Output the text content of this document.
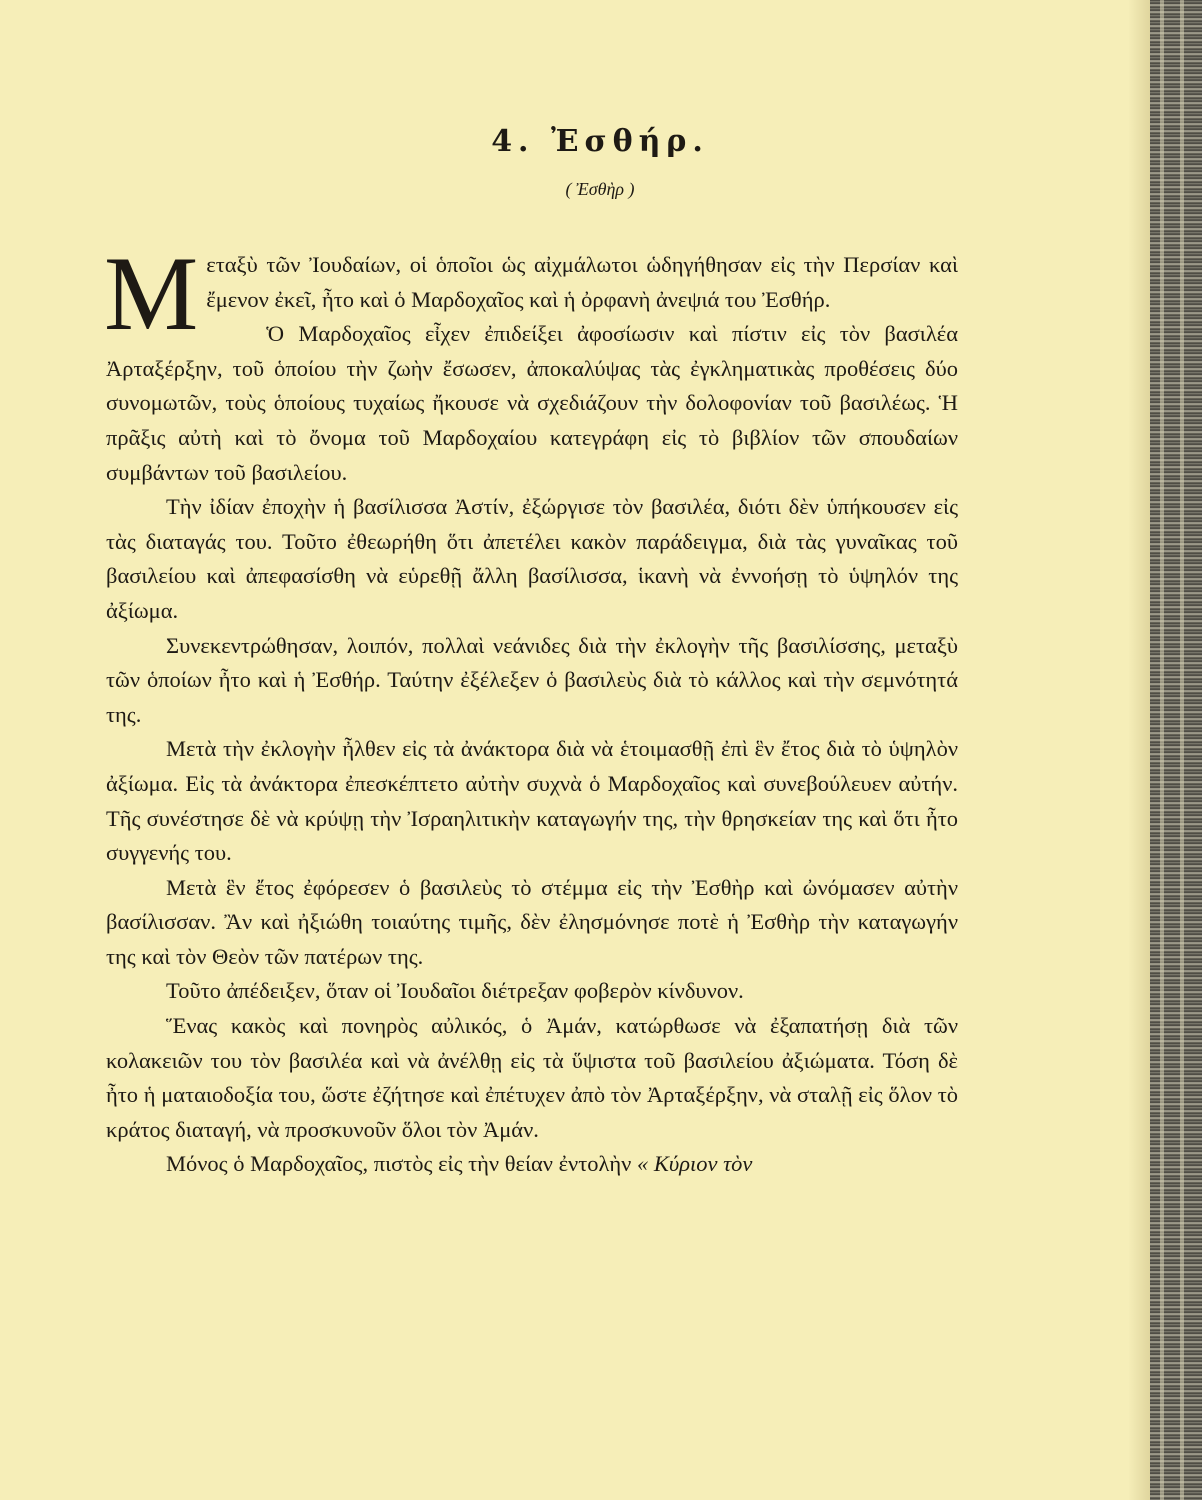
4. Ἐσθήρ.
( Ἐσθὴρ )

Μεταξὺ τῶν Ἰουδαίων, οἱ ὁποῖοι ὡς αἰχμάλωτοι ὡδηγήθησαν εἰς τὴν Περσίαν καὶ ἔμενον ἐκεῖ, ἦτο καὶ ὁ Μαρδοχαῖος καὶ ἡ ὀρφανὴ ἀνεψιά του Ἐσθήρ.

Ὁ Μαρδοχαῖος εἶχεν ἐπιδείξει ἀφοσίωσιν καὶ πίστιν εἰς τὸν βασιλέα Ἀρταξέρξην, τοῦ ὁποίου τὴν ζωὴν ἔσωσεν, ἀποκαλύψας τὰς ἐγκληματικὰς προθέσεις δύο συνομωτῶν, τοὺς ὁποίους τυχαίως ἤκουσε νὰ σχεδιάζουν τὴν δολοφονίαν τοῦ βασιλέως. Ἡ πρᾶξις αὐτὴ καὶ τὸ ὄνομα τοῦ Μαρδοχαίου κατεγράφη εἰς τὸ βιβλίον τῶν σπουδαίων συμβάντων τοῦ βασιλείου.

Τὴν ἰδίαν ἐποχὴν ἡ βασίλισσα Ἀστίν, ἐξώργισε τὸν βασιλέα, διότι δὲν ὑπήκουσεν εἰς τὰς διαταγάς του. Τοῦτο ἐθεωρήθη ὅτι ἀπετέλει κακὸν παράδειγμα, διὰ τὰς γυναῖκας τοῦ βασιλείου καὶ ἀπεφασίσθη νὰ εὑρεθῇ ἄλλη βασίλισσα, ἱκανὴ νὰ ἐννοήσῃ τὸ ὑψηλόν της ἀξίωμα.

Συνεκεντρώθησαν, λοιπόν, πολλαὶ νεάνιδες διὰ τὴν ἐκλογὴν τῆς βασιλίσσης, μεταξὺ τῶν ὁποίων ἦτο καὶ ἡ Ἐσθήρ. Ταύτην ἐξέλεξεν ὁ βασιλεὺς διὰ τὸ κάλλος καὶ τὴν σεμνότητά της.

Μετὰ τὴν ἐκλογὴν ἦλθεν εἰς τὰ ἀνάκτορα διὰ νὰ ἑτοιμασθῇ ἐπὶ ἓν ἔτος διὰ τὸ ὑψηλὸν ἀξίωμα. Εἰς τὰ ἀνάκτορα ἐπεσκέπτετο αὐτὴν συχνὰ ὁ Μαρδοχαῖος καὶ συνεβούλευεν αὐτήν. Τῆς συνέστησε δὲ νὰ κρύψῃ τὴν Ἰσραηλιτικὴν καταγωγήν της, τὴν θρησκείαν της καὶ ὅτι ἦτο συγγενής του.

Μετὰ ἓν ἔτος ἐφόρεσεν ὁ βασιλεὺς τὸ στέμμα εἰς τὴν Ἐσθὴρ καὶ ὠνόμασεν αὐτὴν βασίλισσαν. Ἂν καὶ ἠξιώθη τοιαύτης τιμῆς, δὲν ἐλησμόνησε ποτὲ ἡ Ἐσθὴρ τὴν καταγωγήν της καὶ τὸν Θεὸν τῶν πατέρων της.

Τοῦτο ἀπέδειξεν, ὅταν οἱ Ἰουδαῖοι διέτρεξαν φοβερὸν κίνδυνον.

Ἕνας κακὸς καὶ πονηρὸς αὐλικός, ὁ Ἀμάν, κατώρθωσε νὰ ἐξαπατήσῃ διὰ τῶν κολακειῶν του τὸν βασιλέα καὶ νὰ ἀνέλθῃ εἰς τὰ ὕψιστα τοῦ βασιλείου ἀξιώματα. Τόση δὲ ἦτο ἡ ματαιοδοξία του, ὥστε ἐζήτησε καὶ ἐπέτυχεν ἀπὸ τὸν Ἀρταξέρξην, νὰ σταλῇ εἰς ὅλον τὸ κράτος διαταγή, νὰ προσκυνοῦν ὅλοι τὸν Ἀμάν.

Μόνος ὁ Μαρδοχαῖος, πιστὸς εἰς τὴν θείαν ἐντολὴν « Κύριον τὸν
